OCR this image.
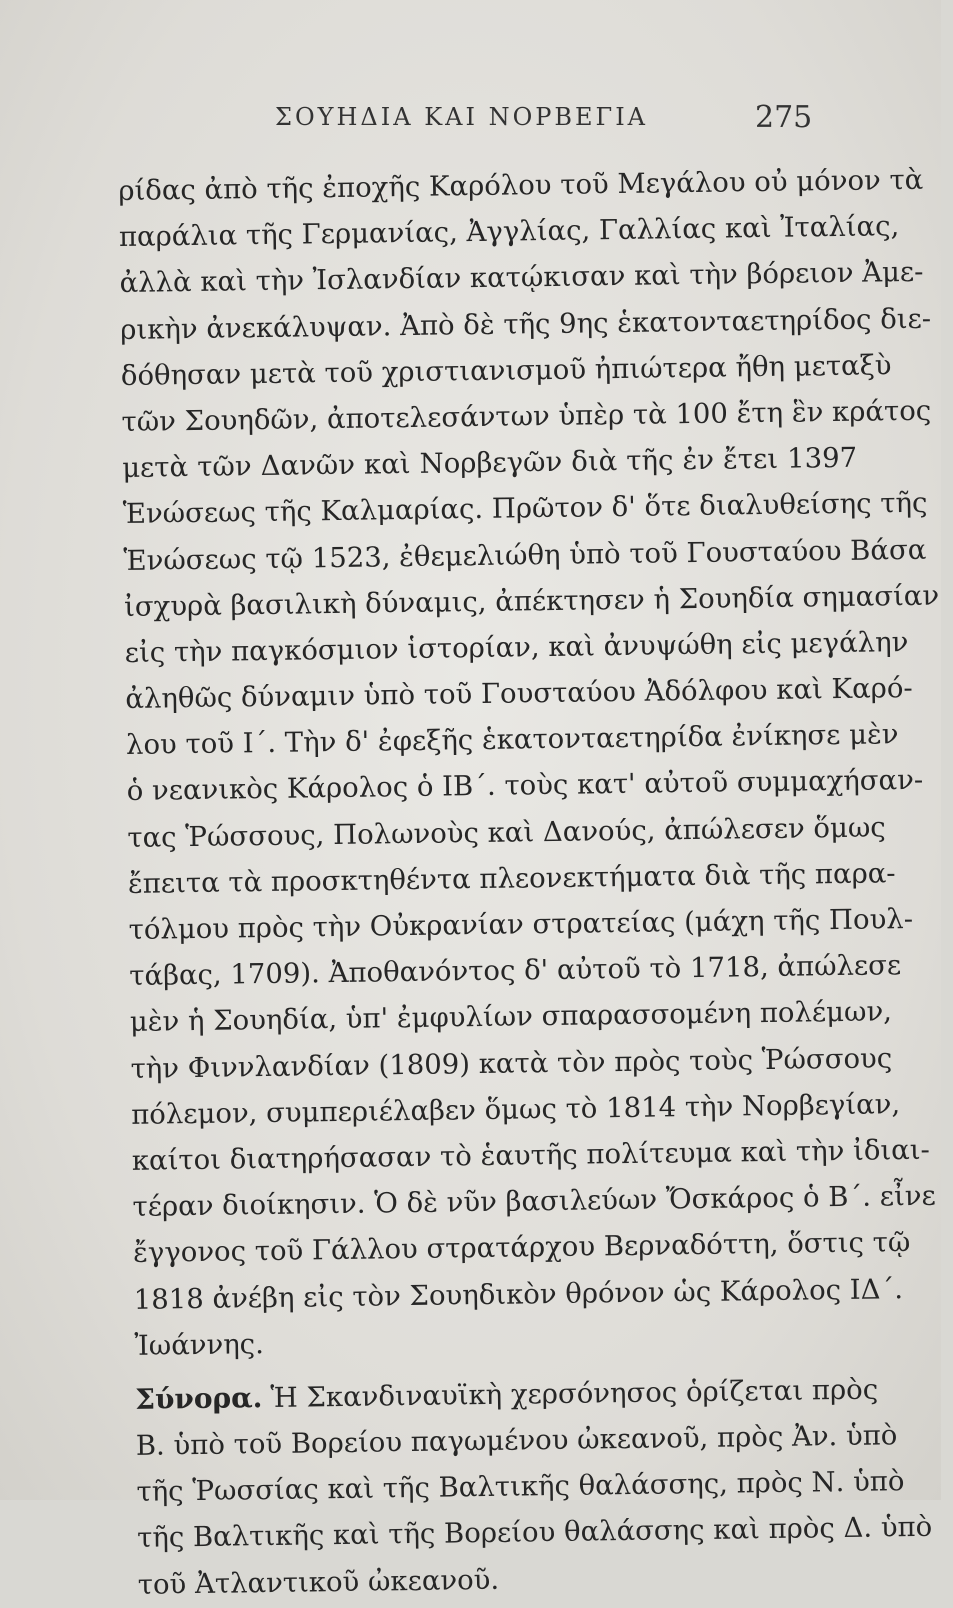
ΣΟΥΗΔΙΑ ΚΑΙ ΝΟΡΒΕΓΙΑ	275
ρίδας ἀπὸ τῆς ἐποχῆς Καρόλου τοῦ Μεγάλου οὐ μόνον τὰ
παράλια τῆς Γερμανίας, Ἀγγλίας, Γαλλίας καὶ Ἰταλίας,
ἀλλὰ καὶ τὴν Ἰσλανδίαν κατῴκισαν καὶ τὴν βόρειον Ἀμε-
ρικὴν ἀνεκάλυψαν. Ἀπὸ δὲ τῆς 9ης ἑκατονταετηρίδος διε-
δόθησαν μετὰ τοῦ χριστιανισμοῦ ἠπιώτερα ἤθη μεταξὺ
τῶν Σουηδῶν, ἀποτελεσάντων ὑπὲρ τὰ 100 ἔτη ἓν κράτος
μετὰ τῶν Δανῶν καὶ Νορβεγῶν διὰ τῆς ἐν ἔτει 1397
Ἑνώσεως τῆς Καλμαρίας. Πρῶτον δ' ὅτε διαλυθείσης τῆς
Ἑνώσεως τῷ 1523, ἐθεμελιώθη ὑπὸ τοῦ Γουσταύου Βάσα
ἰσχυρὰ βασιλικὴ δύναμις, ἀπέκτησεν ἡ Σουηδία σημασίαν
εἰς τὴν παγκόσμιον ἱστορίαν, καὶ ἀνυψώθη εἰς μεγάλην
ἀληθῶς δύναμιν ὑπὸ τοῦ Γουσταύου Ἀδόλφου καὶ Καρό-
λου τοῦ Ι΄. Τὴν δ' ἐφεξῆς ἑκατονταετηρίδα ἐνίκησε μὲν
ὁ νεανικὸς Κάρολος ὁ ΙΒ΄. τοὺς κατ' αὐτοῦ συμμαχήσαν-
τας Ῥώσσους, Πολωνοὺς καὶ Δανούς, ἀπώλεσεν ὅμως
ἔπειτα τὰ προσκτηθέντα πλεονεκτήματα διὰ τῆς παρα-
τόλμου πρὸς τὴν Οὐκρανίαν στρατείας (μάχη τῆς Πουλ-
τάβας, 1709). Ἀποθανόντος δ' αὐτοῦ τὸ 1718, ἀπώλεσε
μὲν ἡ Σουηδία, ὑπ' ἐμφυλίων σπαρασσομένη πολέμων,
τὴν Φιννλανδίαν (1809) κατὰ τὸν πρὸς τοὺς Ῥώσσους
πόλεμον, συμπεριέλαβεν ὅμως τὸ 1814 τὴν Νορβεγίαν,
καίτοι διατηρήσασαν τὸ ἑαυτῆς πολίτευμα καὶ τὴν ἰδιαι-
τέραν διοίκησιν. Ὁ δὲ νῦν βασιλεύων Ὄσκάρος ὁ Β΄. εἶνε
ἔγγονος τοῦ Γάλλου στρατάρχου Βερναδόττη, ὅστις τῷ
1818 ἀνέβη εἰς τὸν Σουηδικὸν θρόνον ὡς Κάρολος ΙΔ΄.
Ἰωάννης.
Σύνορα. Ἡ Σκανδιναυϊκὴ χερσόνησος ὁρίζεται πρὸς
Β. ὑπὸ τοῦ Βορείου παγωμένου ὠκεανοῦ, πρὸς Ἀν. ὑπὸ
τῆς Ῥωσσίας καὶ τῆς Βαλτικῆς θαλάσσης, πρὸς Ν. ὑπὸ
τῆς Βαλτικῆς καὶ τῆς Βορείου θαλάσσης καὶ πρὸς Δ. ὑπὸ
τοῦ Ἀτλαντικοῦ ὠκεανοῦ.
